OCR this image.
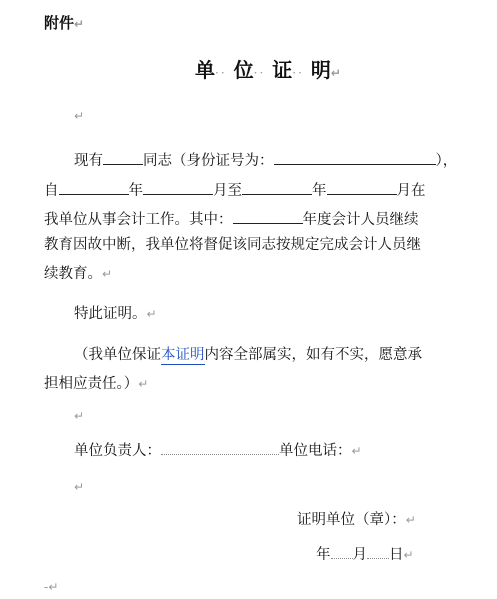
附件↵
单·· 位·· 证·· 明↵
↵
现有	同志（身份证号为：	），
自	年	月至	年	月在
我单位从事会计工作。其中：	年度会计人员继续
教育因故中断，我单位将督促该同志按规定完成会计人员继
续教育。↵
特此证明。↵
（我单位保证本证明内容全部属实，如有不实，愿意承
担相应责任。）↵
↵
单位负责人：	单位电话：↵
↵
证明单位（章）：↵
年 月 日↵
-↵
